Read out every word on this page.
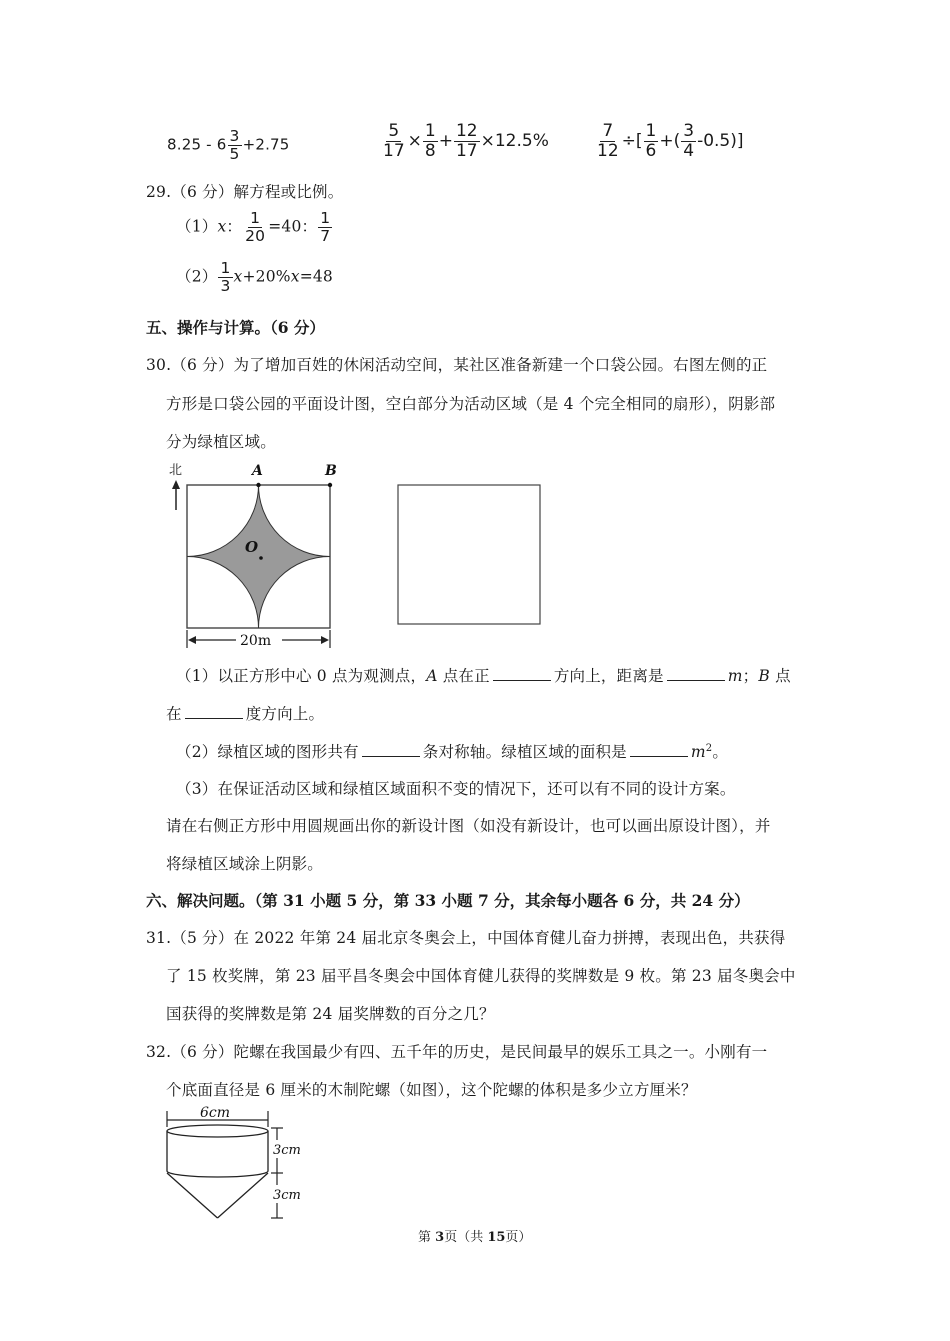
$8.25 - 6 \frac{3}{5} +2.75$	$\frac{5}{17} \times \frac{1}{8} + \frac{12}{17} \times 12.5\%$	$\frac{7}{12}$ ÷[ $\frac{1}{6}$ +( $\frac{3}{4} -0.5$)]
29.（6 分）解方程或比例。
（1）x： $\frac{1}{20} =40$： $\frac{1}{7}$
$(2) \frac{1}{3} x+20\%x=48$
五、操作与计算。（6 分）
30.（6 分）为了增加百姓的休闲活动空间，某社区准备新建一个口袋公园。右图左侧的正
方形是口袋公园的平面设计图，空白部分为活动区域（是 4 个完全相同的扇形），阴影部
分为绿植区域。
北	A	B
O
20m
（1）以正方形中心 0 点为观测点，A 点在正	方向上，距离是	m；B 点
在	度方向上。
（2）绿植区域的图形共有	条对称轴。绿植区域的面积是	$m^2$。
（3）在保证活动区域和绿植区域面积不变的情况下，还可以有不同的设计方案。
请在右侧正方形中用圆规画出你的新设计图（如没有新设计，也可以画出原设计图），并
将绿植区域涂上阴影。
六、解决问题。（第 31 小题 5 分，第 33 小题 7 分，其余每小题各 6 分，共 24 分）
31.（5 分）在 2022 年第 24 届北京冬奥会上，中国体育健儿奋力拼搏，表现出色，共获得
了 15 枚奖牌，第 23 届平昌冬奥会中国体育健儿获得的奖牌数是 9 枚。第 23 届冬奥会中
国获得的奖牌数是第 24 届奖牌数的百分之几？
32.（6 分）陀螺在我国最少有四、五千年的历史，是民间最早的娱乐工具之一。小刚有一
个底面直径是 6 厘米的木制陀螺（如图），这个陀螺的体积是多少立方厘米？
6cm
3cm
3cm
第 3页（共 15页）
